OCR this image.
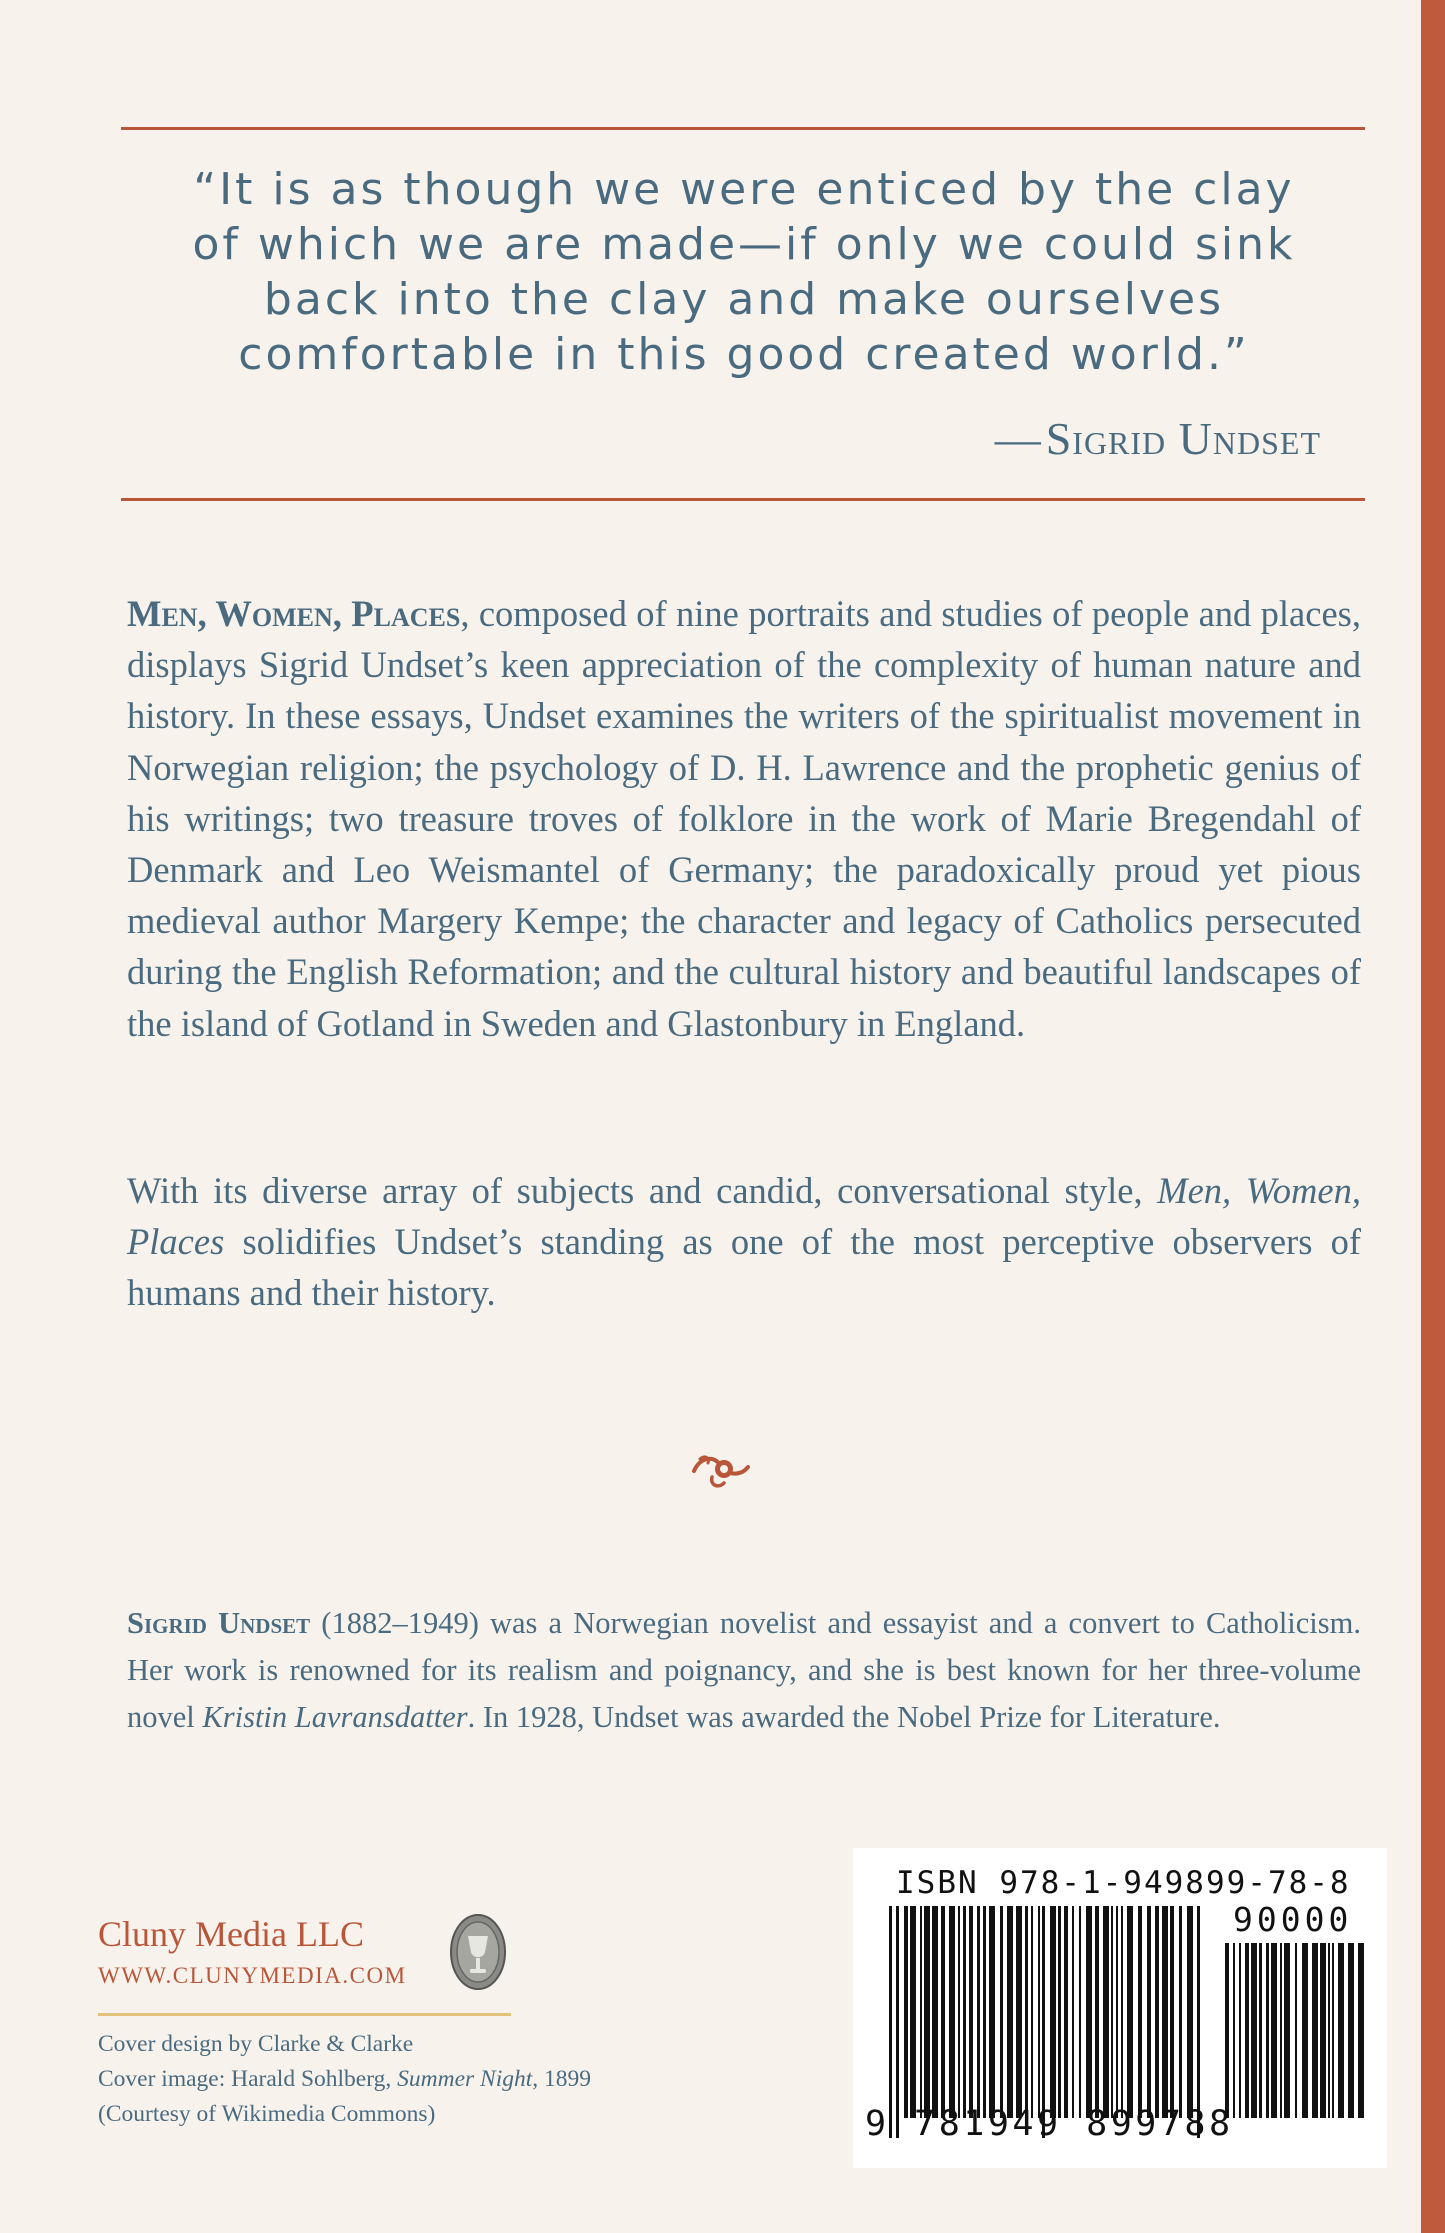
“It is as though we were enticed by the clay
of which we are made—if only we could sink
back into the clay and make ourselves
comfortable in this good created world.”
—Sigrid Undset

Men, Women, Places, composed of nine portraits and studies of people and places, displays Sigrid Undset’s keen appreciation of the complexity of human nature and history. In these essays, Undset examines the writers of the spiritualist movement in Norwegian religion; the psychology of D. H. Lawrence and the prophetic genius of his writings; two treasure troves of folklore in the work of Marie Bregendahl of Denmark and Leo Weismantel of Germany; the paradoxically proud yet pious medieval author Margery Kempe; the character and legacy of Catholics persecuted during the English Reformation; and the cultural history and beautiful landscapes of the island of Gotland in Sweden and Glastonbury in England.

With its diverse array of subjects and candid, conversational style, Men, Women, Places solidifies Undset’s standing as one of the most perceptive observers of humans and their history.

Sigrid Undset (1882–1949) was a Norwegian novelist and essayist and a convert to Catholicism. Her work is renowned for its realism and poignancy, and she is best known for her three-volume novel Kristin Lavransdatter. In 1928, Undset was awarded the Nobel Prize for Literature.

Cluny Media LLC
WWW.CLUNYMEDIA.COM
Cover design by Clarke & Clarke
Cover image: Harald Sohlberg, Summer Night, 1899
(Courtesy of Wikimedia Commons)
ISBN 978-1-949899-78-8
90000
9 781949 899788
